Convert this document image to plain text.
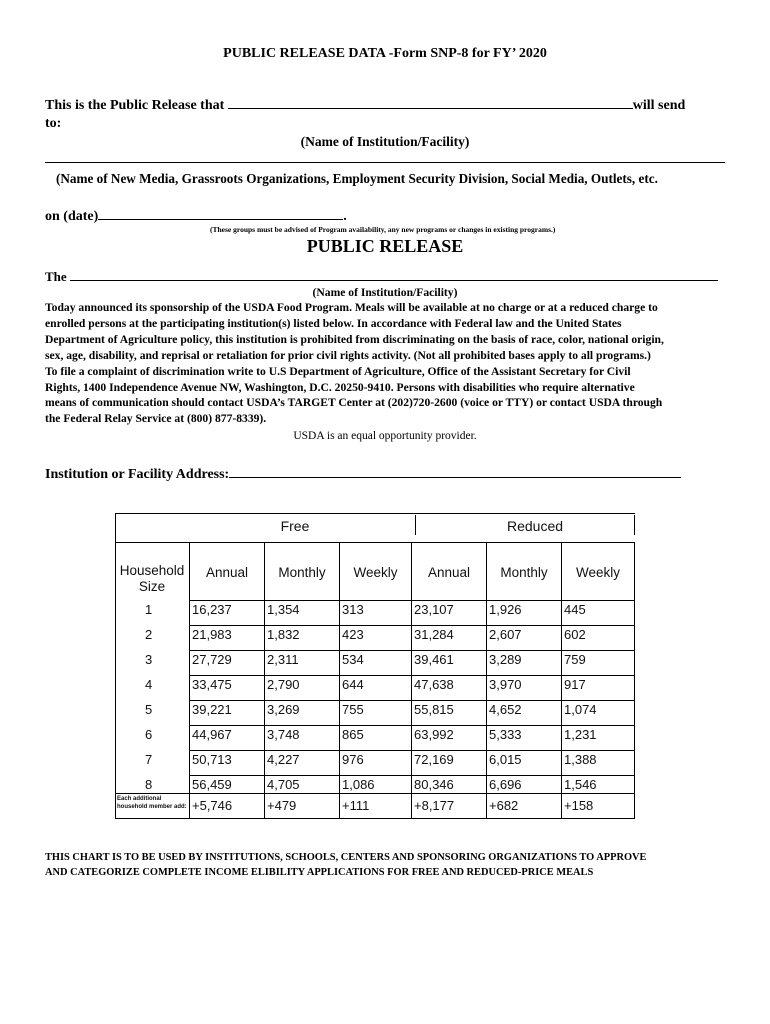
PUBLIC RELEASE DATA -Form SNP-8 for FY’ 2020
This is the Public Release that	will send
to:
(Name of Institution/Facility)
(Name of New Media, Grassroots Organizations, Employment Security Division, Social Media, Outlets, etc.
on (date)	.
(These groups must be advised of Program availability, any new programs or changes in existing programs.)
PUBLIC RELEASE
The
(Name of Institution/Facility)
Today announced its sponsorship of the USDA Food Program. Meals will be available at no charge or at a reduced charge to
enrolled persons at the participating institution(s) listed below. In accordance with Federal law and the United States
Department of Agriculture policy, this institution is prohibited from discriminating on the basis of race, color, national origin,
sex, age, disability, and reprisal or retaliation for prior civil rights activity. (Not all prohibited bases apply to all programs.)
To file a complaint of discrimination write to U.S Department of Agriculture, Office of the Assistant Secretary for Civil
Rights, 1400 Independence Avenue NW, Washington, D.C. 20250-9410. Persons with disabilities who require alternative
means of communication should contact USDA’s TARGET Center at (202)720-2600 (voice or TTY) or contact USDA through
the Federal Relay Service at (800) 877-8339).
USDA is an equal opportunity provider.
Institution or Facility Address:
Free	Reduced
Household Size
Annual	Monthly	Weekly	Annual	Monthly	Weekly
1	16,237	1,354	313	23,107	1,926	445
2	21,983	1,832	423	31,284	2,607	602
3	27,729	2,311	534	39,461	3,289	759
4	33,475	2,790	644	47,638	3,970	917
5	39,221	3,269	755	55,815	4,652	1,074
6	44,967	3,748	865	63,992	5,333	1,231
7	50,713	4,227	976	72,169	6,015	1,388
8	56,459	4,705	1,086	80,346	6,696	1,546
Each additional household member add: +5,746	+479	+111	+8,177	+682	+158
THIS CHART IS TO BE USED BY INSTITUTIONS, SCHOOLS, CENTERS AND SPONSORING ORGANIZATIONS TO APPROVE
AND CATEGORIZE COMPLETE INCOME ELIBILITY APPLICATIONS FOR FREE AND REDUCED-PRICE MEALS
